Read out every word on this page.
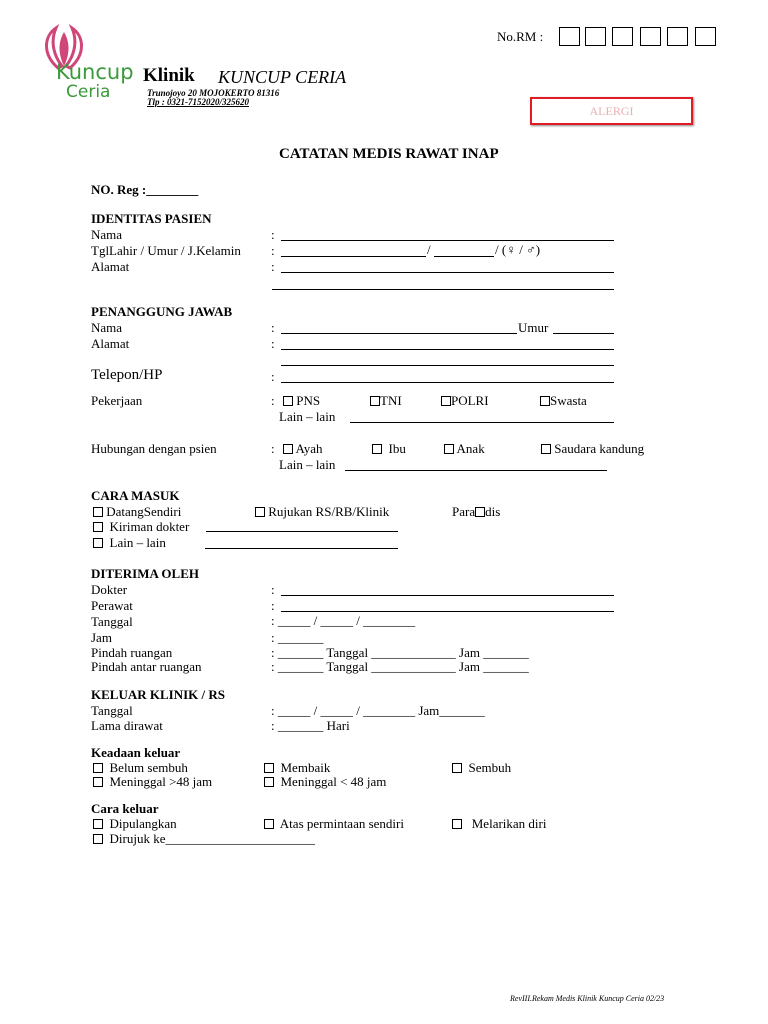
No.RM :
Kuncup
Ceria
Klinik KUNCUP CERIA
Trunojoyo 20 MOJOKERTO 81316
Tlp : 0321-7152020/325620
ALERGI
CATATAN MEDIS RAWAT INAP
NO. Reg :________
IDENTITAS PASIEN
Nama	:
TglLahir / Umur / J.Kelamin :	/	/ (♀ / ♂)
Alamat	:
PENANGGUNG JAWAB
Nama	:	Umur
Alamat	:
Telepon/HP	:
Pekerjaan	:	PNS	TNI	POLRI	Swasta
Lain – lain
Hubungan dengan psien	:	Ayah	Ibu	Anak	Saudara kandung
Lain – lain
CARA MASUK
DatangSendiri	Rujukan RS/RB/Klinik	Para dis
Kiriman dokter
Lain – lain
DITERIMA OLEH
Dokter	:
Perawat	:
Tanggal	: _____ / _____ / ________
Jam	: _______
Pindah ruangan	: _______ Tanggal _____________ Jam _______
Pindah antar ruangan	: _______ Tanggal _____________ Jam _______
KELUAR KLINIK / RS
Tanggal	: _____ / _____ / ________ Jam_______
Lama dirawat	: _______ Hari
Keadaan keluar
Belum sembuh	Membaik	Sembuh
Meninggal >48 jam	Meninggal < 48 jam
Cara keluar
Dipulangkan	Atas permintaan sendiri	Melarikan diri
Dirujuk ke_______________________
RevIII.Rekam Medis Klinik Kuncup Ceria 02/23
